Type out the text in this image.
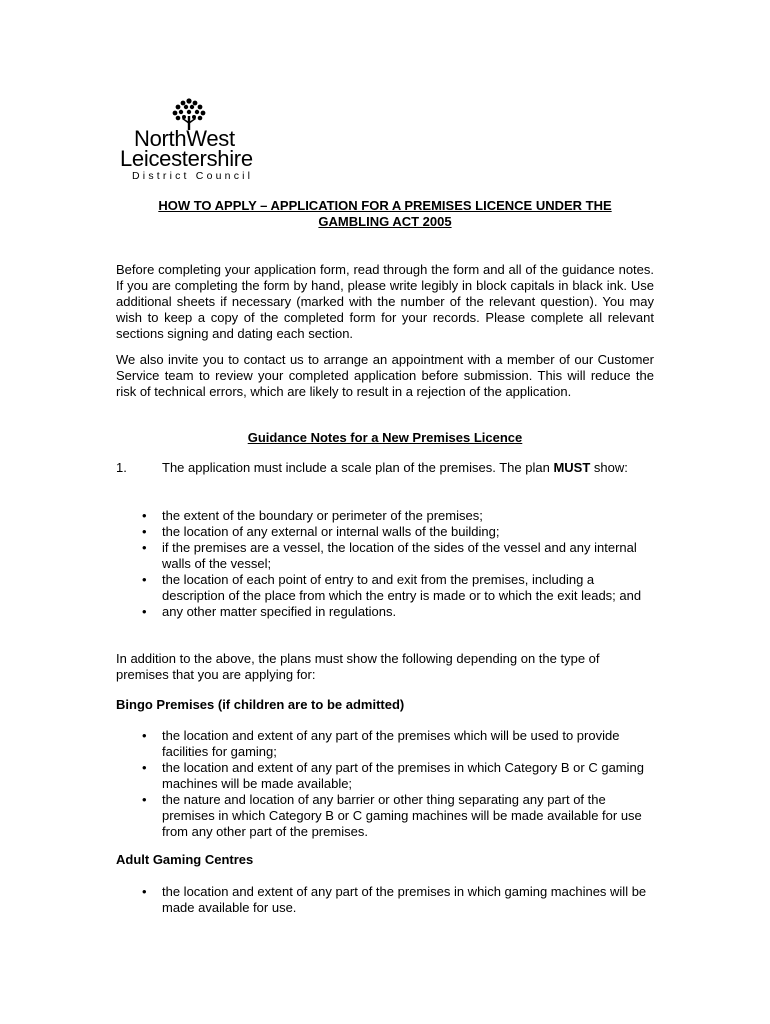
NorthWest
Leicestershire
District Council
HOW TO APPLY – APPLICATION FOR A PREMISES LICENCE UNDER THE
GAMBLING ACT 2005

Before completing your application form, read through the form and all of the guidance notes. If you are completing the form by hand, please write legibly in block capitals in black ink. Use additional sheets if necessary (marked with the number of the relevant question). You may wish to keep a copy of the completed form for your records. Please complete all relevant sections signing and dating each section.

We also invite you to contact us to arrange an appointment with a member of our Customer Service team to review your completed application before submission. This will reduce the risk of technical errors, which are likely to result in a rejection of the application.

Guidance Notes for a New Premises Licence
1.	The application must include a scale plan of the premises. The plan MUST show:
• the extent of the boundary or perimeter of the premises;
• the location of any external or internal walls of the building;
• if the premises are a vessel, the location of the sides of the vessel and any internal walls of the vessel;
• the location of each point of entry to and exit from the premises, including a description of the place from which the entry is made or to which the exit leads; and
• any other matter specified in regulations.

In addition to the above, the plans must show the following depending on the type of premises that you are applying for:

Bingo Premises (if children are to be admitted)
• the location and extent of any part of the premises which will be used to provide facilities for gaming;
• the location and extent of any part of the premises in which Category B or C gaming machines will be made available;
• the nature and location of any barrier or other thing separating any part of the premises in which Category B or C gaming machines will be made available for use from any other part of the premises.
Adult Gaming Centres
• the location and extent of any part of the premises in which gaming machines will be made available for use.
